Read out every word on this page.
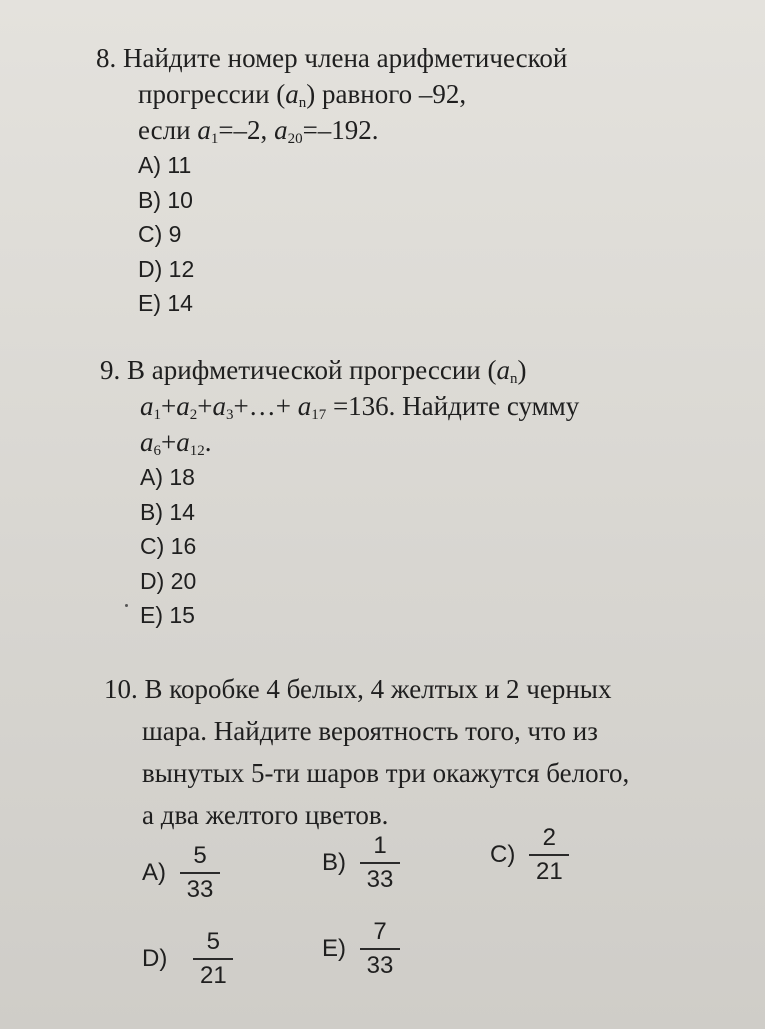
8. Найдите номер члена арифметической
прогрессии $(a_n)$ равного –92,
если $a_1=-2$, $a_{20}=-192$.
A) 11
B) 10
C) 9
D) 12
E) 14
9. В арифметической прогрессии $(a_n)$
$a_1+a_2+a_3+\dots+ a_{17} =136$. Найдите сумму
$a_6+a_{12}$.
A) 18
B) 14
C) 16
D) 20
E) 15
10. В коробке 4 белых, 4 желтых и 2 черных
шара. Найдите вероятность того, что из
вынутых 5-ти шаров три окажутся белого,
а два желтого цветов.
$A) \frac{5}{33}$	$B) \frac{1}{33}$	$C) \frac{2}{21}$
$D) \frac{5}{21}$	$E) \frac{7}{33}$
